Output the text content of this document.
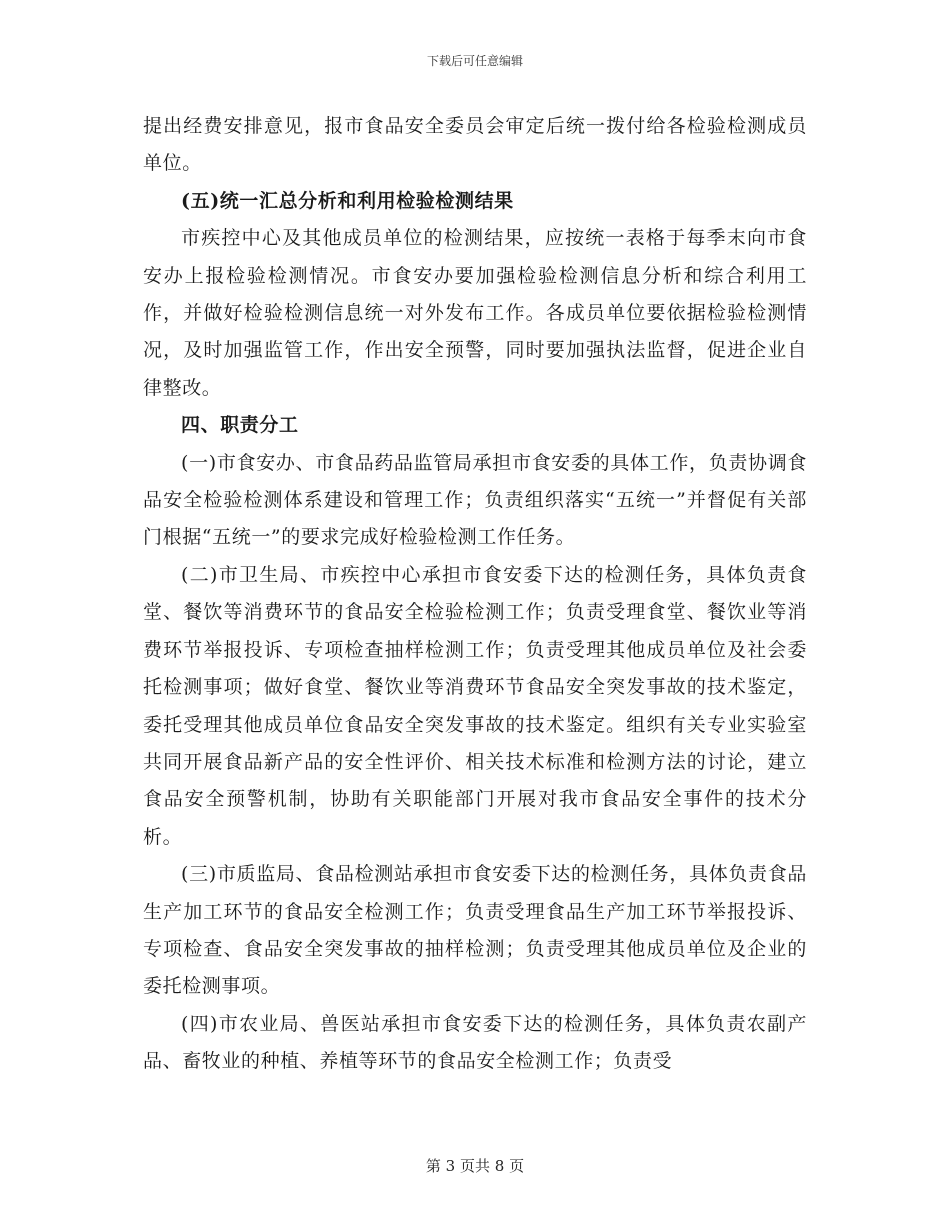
下载后可任意编辑

提出经费安排意见，报市食品安全委员会审定后统一拨付给各检验检测成员单位。

(五)统一汇总分析和利用检验检测结果

市疾控中心及其他成员单位的检测结果，应按统一表格于每季末向市食安办上报检验检测情况。市食安办要加强检验检测信息分析和综合利用工作，并做好检验检测信息统一对外发布工作。各成员单位要依据检验检测情况，及时加强监管工作，作出安全预警，同时要加强执法监督，促进企业自律整改。

四、职责分工

(一)市食安办、市食品药品监管局承担市食安委的具体工作，负责协调食品安全检验检测体系建设和管理工作；负责组织落实“五统一”并督促有关部门根据“五统一”的要求完成好检验检测工作任务。

(二)市卫生局、市疾控中心承担市食安委下达的检测任务，具体负责食堂、餐饮等消费环节的食品安全检验检测工作；负责受理食堂、餐饮业等消费环节举报投诉、专项检查抽样检测工作；负责受理其他成员单位及社会委托检测事项；做好食堂、餐饮业等消费环节食品安全突发事故的技术鉴定，委托受理其他成员单位食品安全突发事故的技术鉴定。组织有关专业实验室共同开展食品新产品的安全性评价、相关技术标准和检测方法的讨论，建立食品安全预警机制，协助有关职能部门开展对我市食品安全事件的技术分析。

(三)市质监局、食品检测站承担市食安委下达的检测任务，具体负责食品生产加工环节的食品安全检测工作；负责受理食品生产加工环节举报投诉、专项检查、食品安全突发事故的抽样检测；负责受理其他成员单位及企业的委托检测事项。

(四)市农业局、兽医站承担市食安委下达的检测任务，具体负责农副产品、畜牧业的种植、养植等环节的食品安全检测工作；负责受

第 3 页共 8 页
